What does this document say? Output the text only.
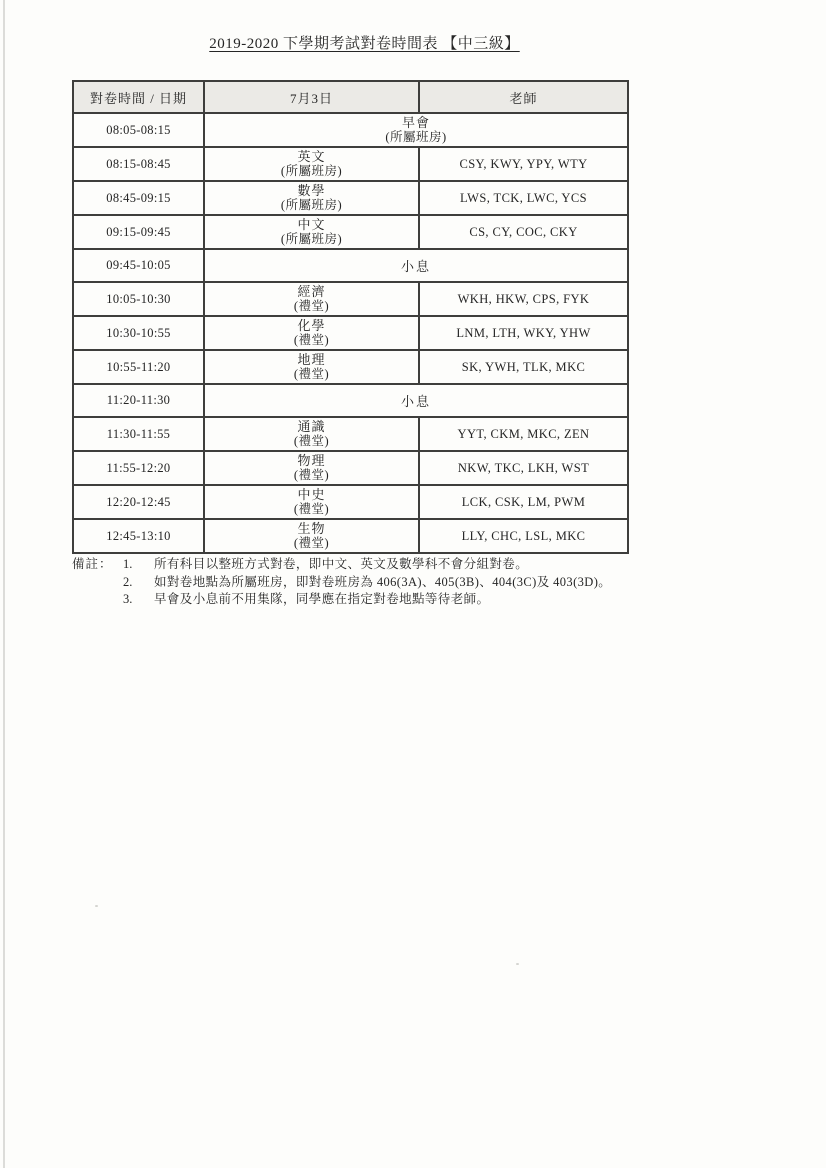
2019-2020 下學期考試對卷時間表 【中三級】
對卷時間 / 日期	7月3日	老師
08:05-08:15	早會
(所屬班房)	

08:15-08:45	英文
(所屬班房)	CSY, KWY, YPY, WTY
08:45-09:15	數學
(所屬班房)	LWS, TCK, LWC, YCS
09:15-09:45	中文
(所屬班房)	CS, CY, COC, CKY
09:45-10:05	小息	
10:05-10:30	經濟
(禮堂)	WKH, HKW, CPS, FYK
10:30-10:55	化學
(禮堂)	LNM, LTH, WKY, YHW
10:55-11:20	地理
(禮堂)	SK, YWH, TLK, MKC
11:20-11:30	小息	
11:30-11:55	通識
(禮堂)	YYT, CKM, MKC, ZEN
11:55-12:20	物理
(禮堂)	NKW, TKC, LKH, WST
12:20-12:45	中史
(禮堂)	LCK, CSK, LM, PWM
12:45-13:10	生物
(禮堂)	LLY, CHC, LSL, MKC
備註： 1.	所有科目以整班方式對卷，即中文、英文及數學科不會分組對卷。
2.	如對卷地點為所屬班房，即對卷班房為 406(3A)、405(3B)、404(3C)及 403(3D)。
3.	早會及小息前不用集隊，同學應在指定對卷地點等待老師。
